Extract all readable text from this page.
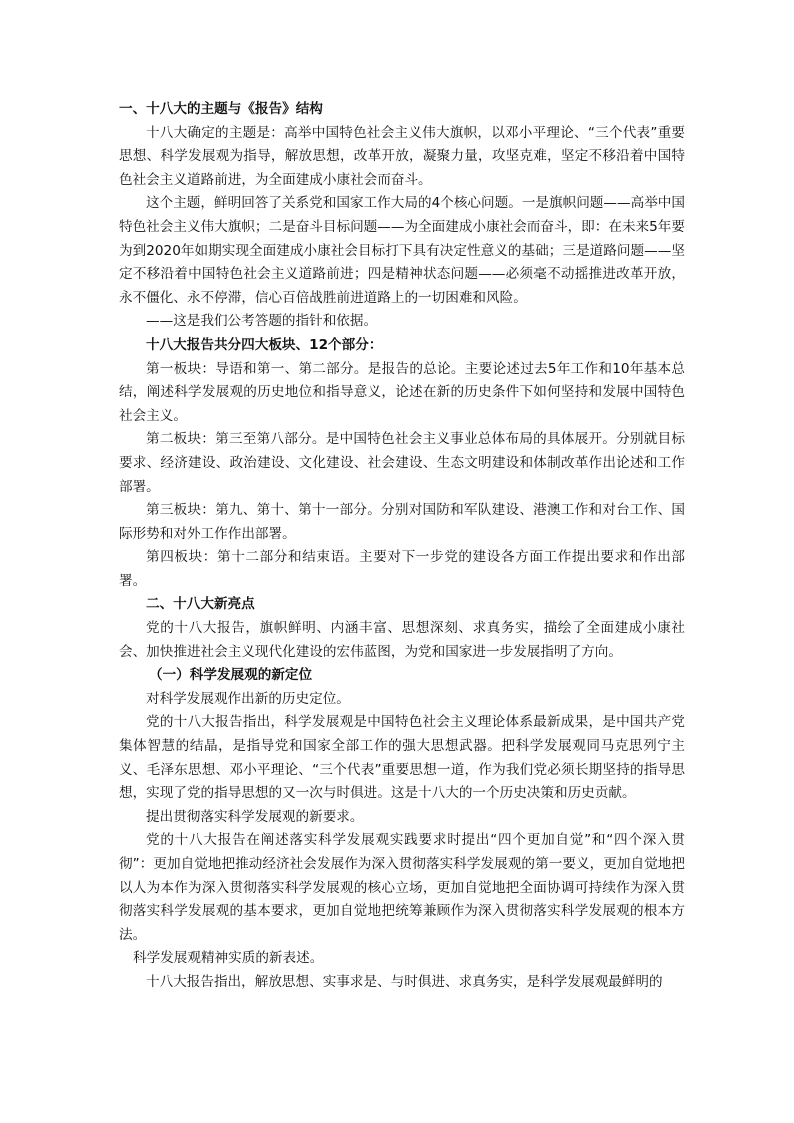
一、十八大的主题与《报告》结构

十八大确定的主题是：高举中国特色社会主义伟大旗帜，以邓小平理论、“三个代表”重要思想、科学发展观为指导，解放思想，改革开放，凝聚力量，攻坚克难，坚定不移沿着中国特色社会主义道路前进，为全面建成小康社会而奋斗。

这个主题，鲜明回答了关系党和国家工作大局的4个核心问题。一是旗帜问题——高举中国特色社会主义伟大旗帜；二是奋斗目标问题——为全面建成小康社会而奋斗，即：在未来5年要为到2020年如期实现全面建成小康社会目标打下具有决定性意义的基础；三是道路问题——坚定不移沿着中国特色社会主义道路前进；四是精神状态问题——必须毫不动摇推进改革开放，永不僵化、永不停滞，信心百倍战胜前进道路上的一切困难和风险。

——这是我们公考答题的指针和依据。

十八大报告共分四大板块、12个部分：

第一板块：导语和第一、第二部分。是报告的总论。主要论述过去5年工作和10年基本总结，阐述科学发展观的历史地位和指导意义，论述在新的历史条件下如何坚持和发展中国特色社会主义。

第二板块：第三至第八部分。是中国特色社会主义事业总体布局的具体展开。分别就目标要求、经济建设、政治建设、文化建设、社会建设、生态文明建设和体制改革作出论述和工作部署。

第三板块：第九、第十、第十一部分。分别对国防和军队建设、港澳工作和对台工作、国际形势和对外工作作出部署。

第四板块：第十二部分和结束语。主要对下一步党的建设各方面工作提出要求和作出部署。

二、十八大新亮点

党的十八大报告，旗帜鲜明、内涵丰富、思想深刻、求真务实，描绘了全面建成小康社会、加快推进社会主义现代化建设的宏伟蓝图，为党和国家进一步发展指明了方向。

（一）科学发展观的新定位

对科学发展观作出新的历史定位。

党的十八大报告指出，科学发展观是中国特色社会主义理论体系最新成果，是中国共产党集体智慧的结晶，是指导党和国家全部工作的强大思想武器。把科学发展观同马克思列宁主义、毛泽东思想、邓小平理论、“三个代表”重要思想一道，作为我们党必须长期坚持的指导思想，实现了党的指导思想的又一次与时俱进。这是十八大的一个历史决策和历史贡献。

提出贯彻落实科学发展观的新要求。

党的十八大报告在阐述落实科学发展观实践要求时提出“四个更加自觉”和“四个深入贯彻”：更加自觉地把推动经济社会发展作为深入贯彻落实科学发展观的第一要义，更加自觉地把以人为本作为深入贯彻落实科学发展观的核心立场，更加自觉地把全面协调可持续作为深入贯彻落实科学发展观的基本要求，更加自觉地把统筹兼顾作为深入贯彻落实科学发展观的根本方法。

科学发展观精神实质的新表述。

十八大报告指出，解放思想、实事求是、与时俱进、求真务实，是科学发展观最鲜明的
